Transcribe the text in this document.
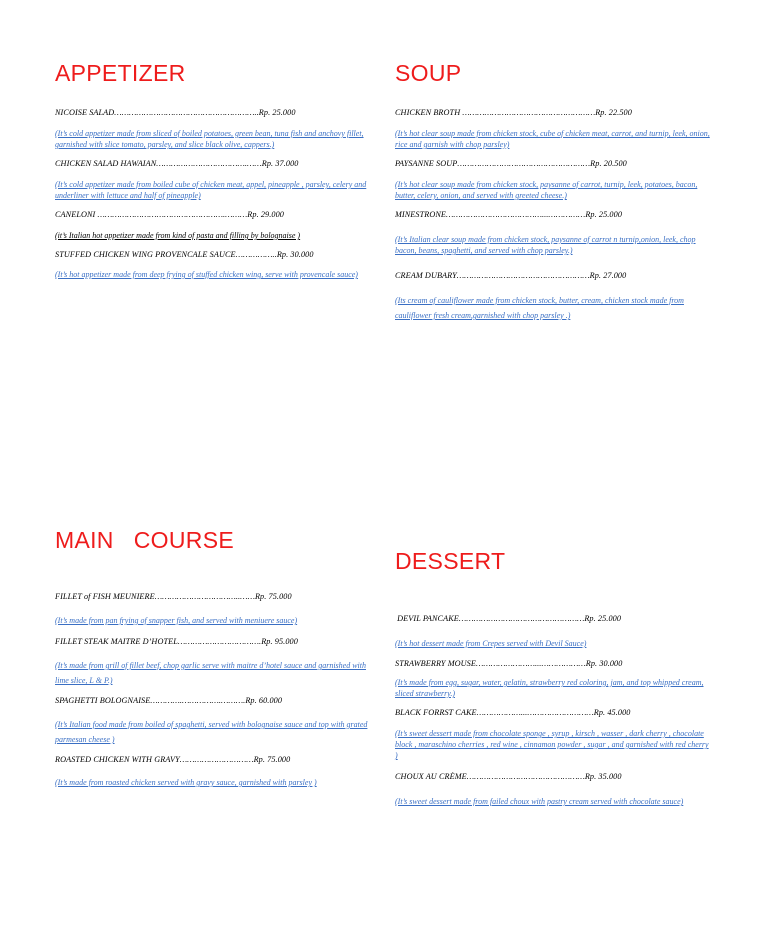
APPETIZER
NICOISE SALAD…………………………………………………..Rp. 25.000
(It’s cold appetizer made from sliced of boiled potatoes, green bean, tuna fish and anchovy fillet, garnished with slice tomato, parsley, and slice black olive, cappers.)
CHICKEN SALAD HAWAIAN……………………………….……Rp. 37.000
(It’s cold appetizer made from boiled cube of chicken meat, appel, pineapple , parsley, celery and underliner with lettuce and half of pineapple)
CANELONI …………………………………………….………Rp. 29.000
(it’s Italian hot appetizer made from kind of pasta and filling by bolognaise )
STUFFED CHICKEN WING PROVENCALE SAUCE……………..Rp. 30.000
(It’s hot appetizer made from deep frying of stuffed chicken wing, serve with provencale sauce)
SOUP
CHICKEN BROTH ………………………………………………Rp. 22.500
(It’s hot clear soup made from chicken stock, cube of chicken meat, carrot, and turnip, leek, onion, rice and garnish with chop parsley)
PAYSANNE SOUP………………………………………………Rp. 20.500
(It’s hot clear soup made from chicken stock, paysanne of carrot, turnip, leek, potatoes, bacon, butter, celery, onion, and served with greeted cheese.)
MINESTRONE…………………………………...……………Rp. 25.000
(It’s Italian clear soup made from chicken stock, paysanne of carrot n turnip,onion, leek, chop bacon, beans, spaghetti, and served with chop parsley.)
CREAM DUBARY………………………………………………Rp. 27.000
(Its cream of cauliflower made from chicken stock, butter, cream, chicken stock made from cauliflower fresh cream,garnished with chop parsley .)
MAIN   COURSE
FILLET of FISH MEUNIERE……………………………..……Rp. 75.000
(It’s made from pan frying of snapper fish, and served with meniuere sauce)
FILLET STEAK MAITRE D’HOTEL…………………………….Rp. 95.000
(It’s made from grill of fillet beef, chop garlic serve with maitre d’hotel sauce and garnished with lime slice, L & P.)
SPAGHETTI BOLOGNAISE………….…………….……….Rp. 60.000
(It’s Italian food made from boiled of spaghetti, served with bolognaise sauce and top with grated parmesan cheese )
ROASTED CHICKEN WITH GRAVY…………………………Rp. 75.000
(It’s made from roasted chicken served with gravy sauce, garnished with parsley )
DESSERT
DEVIL PANCAKE……………………………………………Rp. 25.000
(It’s hot dessert made from Crepes served with Devil Sauce)
STRAWBERRY MOUSE……………………...………………Rp. 30.000
(It’s made from egg, sugar, water, gelatin, strawberry red coloring, jam, and top whipped cream, sliced strawberry.)
BLACK FORRST CAKE………………...………………………Rp. 45.000
(It’s sweet dessert made from chocolate sponge , syrup , kirsch , wasser , dark cherry , chocolate block , maraschino cherries , red wine , cinnamon powder , sugar , and garnished with red cherry )
CHOUX AU CRÈME…………………………………………Rp. 35.000
(It’s sweet dessert made from failed choux with pastry cream served with chocolate sauce)
